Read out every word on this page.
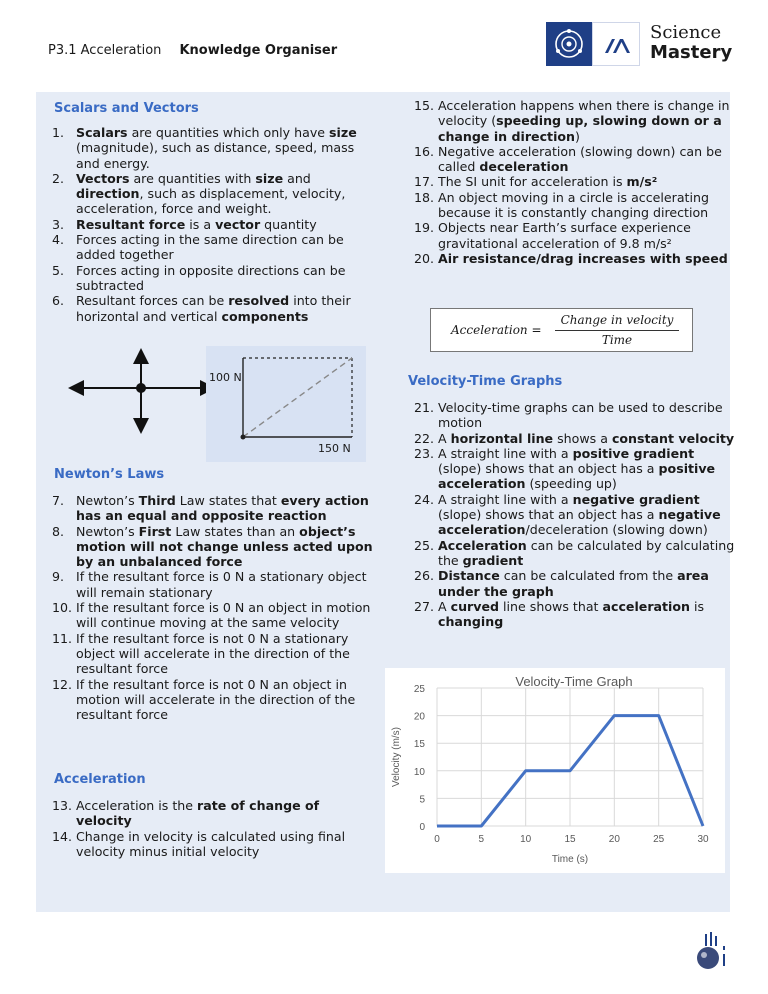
P3.1 Acceleration Knowledge Organiser
Science
Mastery
Scalars and Vectors
1. Scalars are quantities which only have size (magnitude), such as distance, speed, mass and energy.
2. Vectors are quantities with size and direction, such as displacement, velocity, acceleration, force and weight.
3. Resultant force is a vector quantity
4. Forces acting in the same direction can be added together
5. Forces acting in opposite directions can be subtracted
6. Resultant forces can be resolved into their horizontal and vertical components
100 N
150 N
Newton’s Laws
7. Newton’s Third Law states that every action has an equal and opposite reaction
8. Newton’s First Law states than an object’s motion will not change unless acted upon by an unbalanced force
9. If the resultant force is 0 N a stationary object will remain stationary
10. If the resultant force is 0 N an object in motion will continue moving at the same velocity
11. If the resultant force is not 0 N a stationary object will accelerate in the direction of the resultant force
12. If the resultant force is not 0 N an object in motion will accelerate in the direction of the resultant force
Acceleration
13. Acceleration is the rate of change of velocity
14. Change in velocity is calculated using final velocity minus initial velocity
15. Acceleration happens when there is change in velocity (speeding up, slowing down or a change in direction)
16. Negative acceleration (slowing down) can be called deceleration
17. The SI unit for acceleration is m/s²
18. An object moving in a circle is accelerating because it is constantly changing direction
19. Objects near Earth’s surface experience gravitational acceleration of 9.8 m/s²
20. Air resistance/drag increases with speed
Acceleration =
Change in velocity
Time
Velocity-Time Graphs
21. Velocity-time graphs can be used to describe motion
22. A horizontal line shows a constant velocity
23. A straight line with a positive gradient (slope) shows that an object has a positive acceleration (speeding up)
24. A straight line with a negative gradient (slope) shows that an object has a negative acceleration/deceleration (slowing down)
25. Acceleration can be calculated by calculating the gradient
26. Distance can be calculated from the area under the graph
27. A curved line shows that acceleration is changing
0	5	10	15	20	25	30
0
5
10
15
20
25
Velocity-Time Graph
Time (s)
Velocity (m/s)
